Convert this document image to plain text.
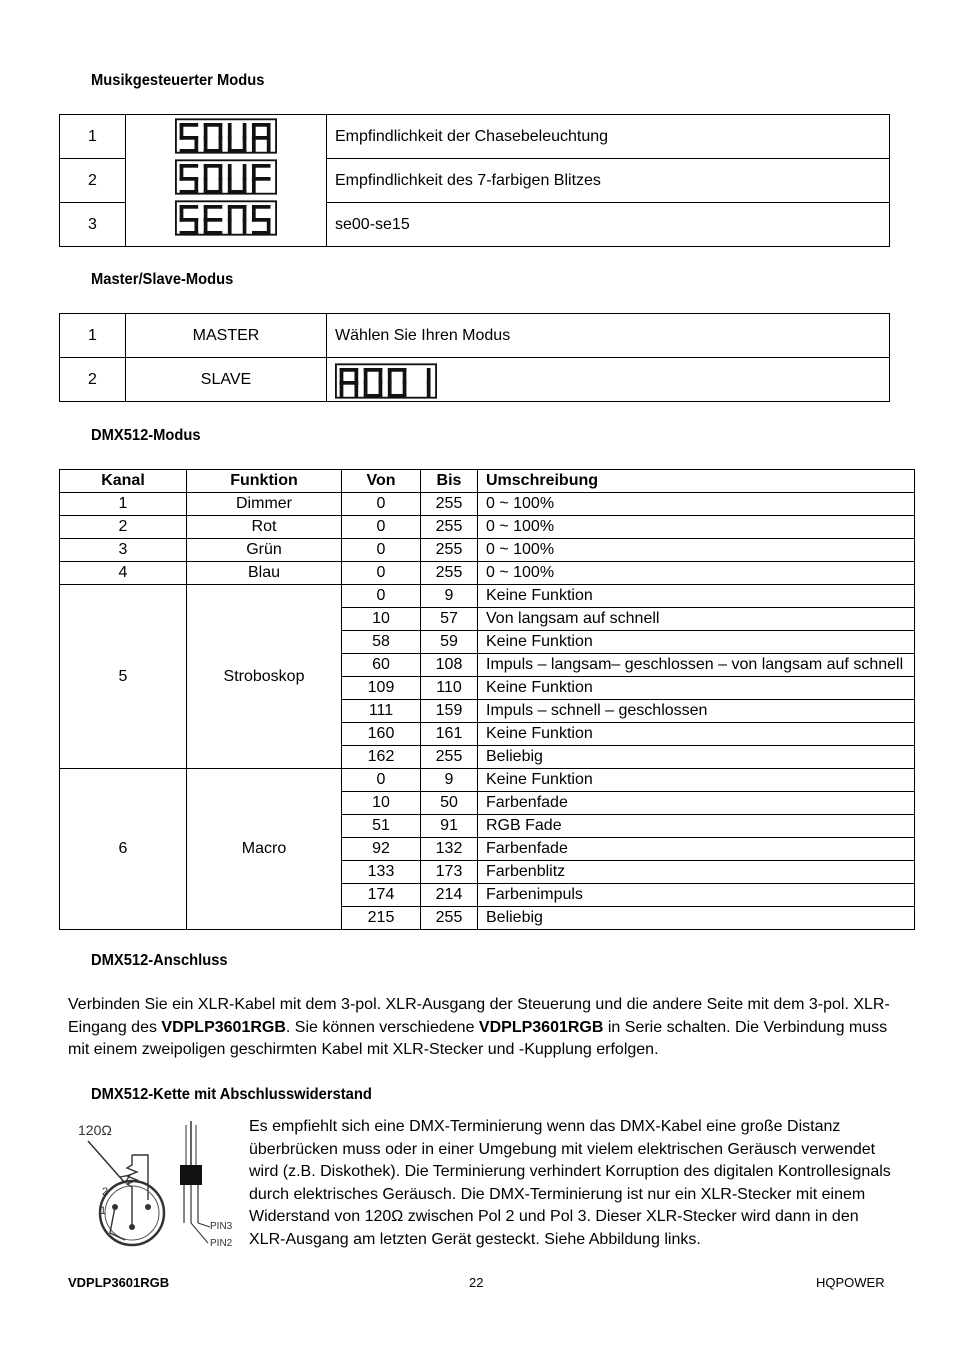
Musikgesteuerter Modus
1		Empfindlichkeit der Chasebeleuchtung
2		Empfindlichkeit des 7-farbigen Blitzes
3		se00-se15
Master/Slave-Modus
1	MASTER	Wählen Sie Ihren Modus
2	SLAVE	
DMX512-Modus
Kanal	Funktion	Von	Bis	Umschreibung
1	Dimmer	0	255	0 ~ 100%
2	Rot	0	255	0 ~ 100%
3	Grün	0	255	0 ~ 100%
4	Blau	0	255	0 ~ 100%
5	Stroboskop	0	9	Keine Funktion
		10	57	Von langsam auf schnell
		58	59	Keine Funktion
		60	108	Impuls – langsam– geschlossen – von langsam auf schnell
		109	110	Keine Funktion
		111	159	Impuls – schnell – geschlossen
		160	161	Keine Funktion
		162	255	Beliebig
6	Macro	0	9	Keine Funktion
		10	50	Farbenfade
		51	91	RGB Fade
		92	132	Farbenfade
		133	173	Farbenblitz
		174	214	Farbenimpuls
		215	255	Beliebig
DMX512-Anschluss
Verbinden Sie ein XLR-Kabel mit dem 3-pol. XLR-Ausgang der Steuerung und die andere Seite mit dem 3-pol. XLR-Eingang des VDPLP3601RGB. Sie können verschiedene VDPLP3601RGB in Serie schalten. Die Verbindung muss mit einem zweipoligen geschirmten Kabel mit XLR-Stecker und -Kupplung erfolgen.
DMX512-Kette mit Abschlusswiderstand
120Ω
2
1
PIN3
PIN2
Es empfiehlt sich eine DMX-Terminierung wenn das DMX-Kabel eine große Distanz überbrücken muss oder in einer Umgebung mit vielem elektrischen Geräusch verwendet wird (z.B. Diskothek). Die Terminierung verhindert Korruption des digitalen Kontrollesignals durch elektrisches Geräusch. Die DMX-Terminierung ist nur ein XLR-Stecker mit einem Widerstand von 120Ω zwischen Pol 2 und Pol 3. Dieser XLR-Stecker wird dann in den XLR-Ausgang am letzten Gerät gesteckt. Siehe Abbildung links.
VDPLP3601RGB	22	HQPOWER
